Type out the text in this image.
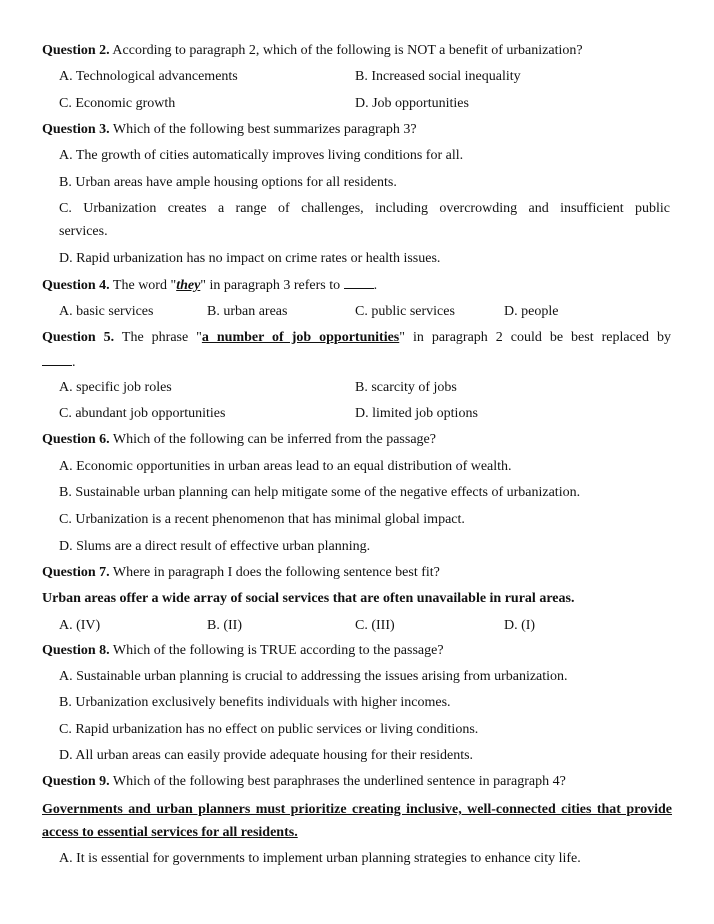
Question 2. According to paragraph 2, which of the following is NOT a benefit of urbanization?
A. Technological advancements	B. Increased social inequality
C. Economic growth	D. Job opportunities
Question 3. Which of the following best summarizes paragraph 3?
A. The growth of cities automatically improves living conditions for all.
B. Urban areas have ample housing options for all residents.
C. Urbanization creates a range of challenges, including overcrowding and insufficient public
services.
D. Rapid urbanization has no impact on crime rates or health issues.
Question 4. The word "they" in paragraph 3 refers to .
A. basic services	B. urban areas	C. public services	D. people
Question 5. The phrase "a number of job opportunities" in paragraph 2 could be best replaced by
.
A. specific job roles	B. scarcity of jobs
C. abundant job opportunities	D. limited job options
Question 6. Which of the following can be inferred from the passage?
A. Economic opportunities in urban areas lead to an equal distribution of wealth.
B. Sustainable urban planning can help mitigate some of the negative effects of urbanization.
C. Urbanization is a recent phenomenon that has minimal global impact.
D. Slums are a direct result of effective urban planning.
Question 7. Where in paragraph I does the following sentence best fit?
Urban areas offer a wide array of social services that are often unavailable in rural areas.
A. (IV)	B. (II)	C. (III)	D. (I)
Question 8. Which of the following is TRUE according to the passage?
A. Sustainable urban planning is crucial to addressing the issues arising from urbanization.
B. Urbanization exclusively benefits individuals with higher incomes.
C. Rapid urbanization has no effect on public services or living conditions.
D. All urban areas can easily provide adequate housing for their residents.
Question 9. Which of the following best paraphrases the underlined sentence in paragraph 4?
Governments and urban planners must prioritize creating inclusive, well-connected cities that provide access to essential services for all residents.
A. It is essential for governments to implement urban planning strategies to enhance city life.
